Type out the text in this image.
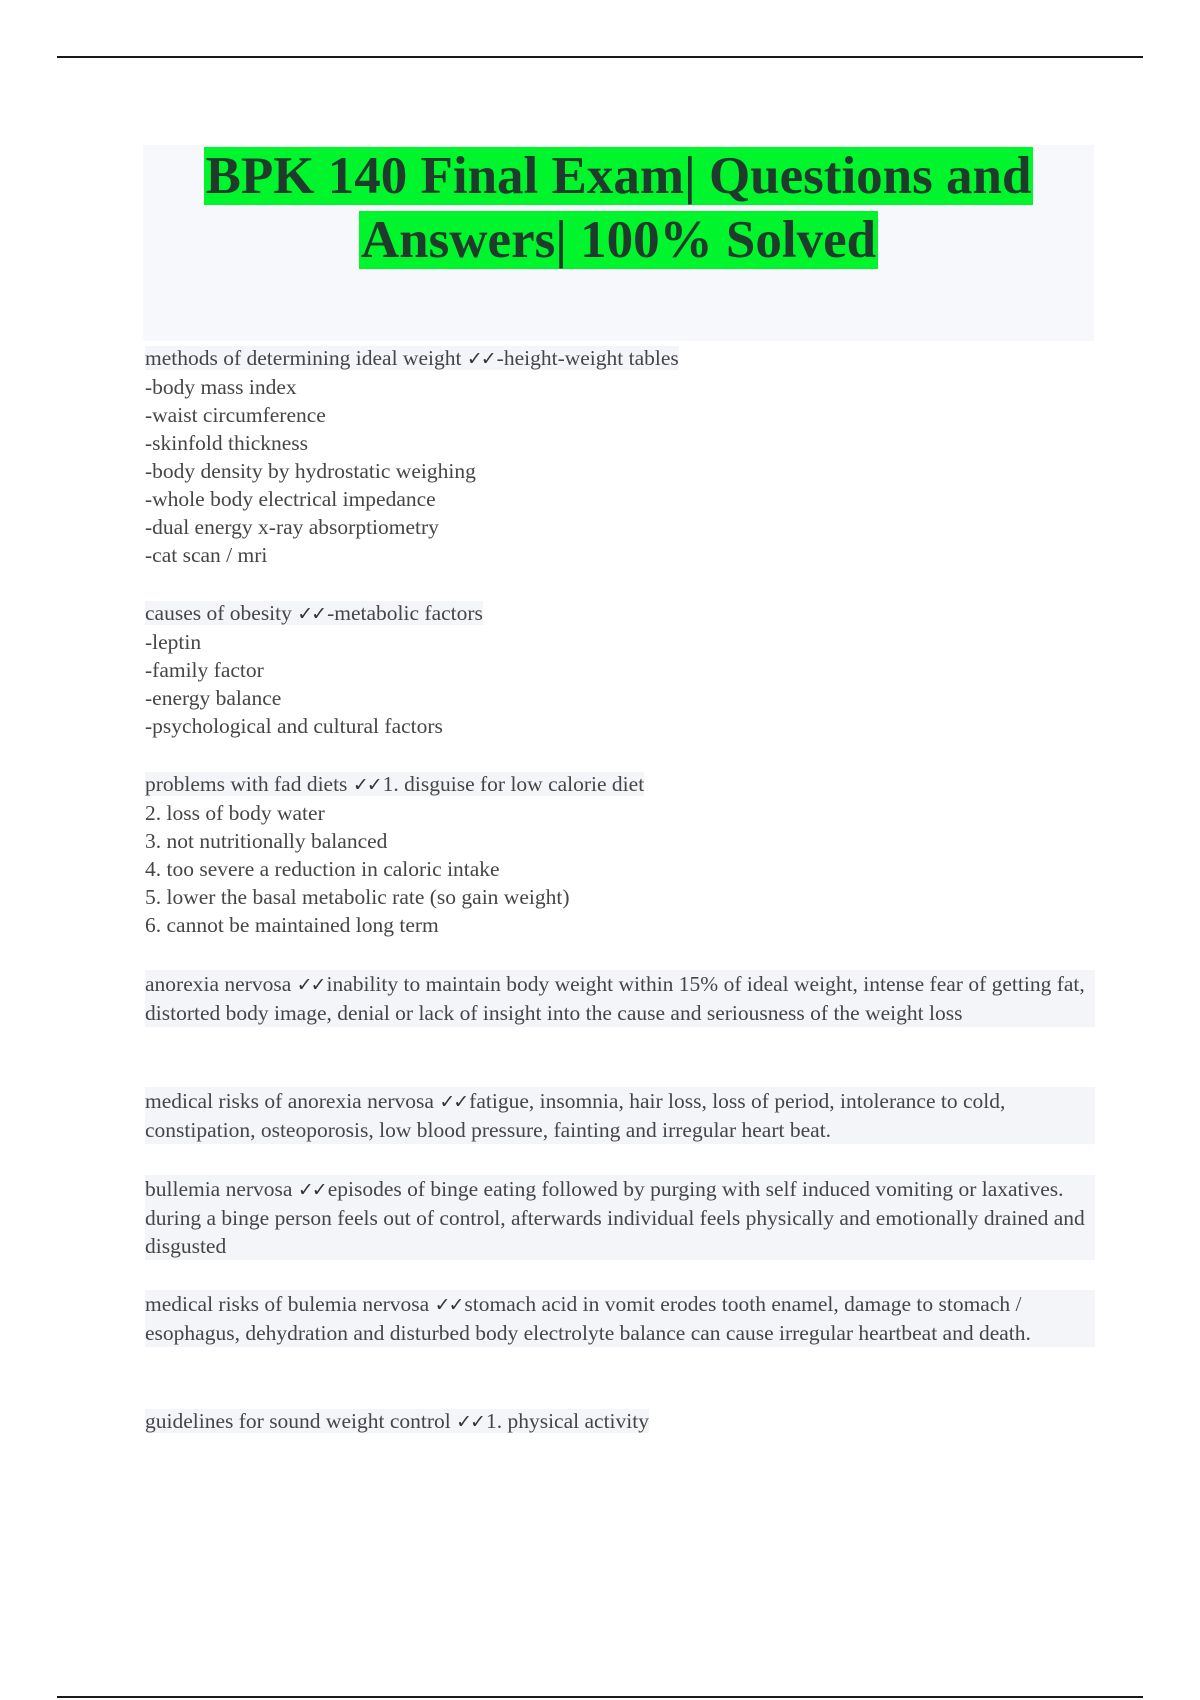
BPK 140 Final Exam| Questions and
Answers| 100% Solved
methods of determining ideal weight ✓✓-height-weight tables
-body mass index
-waist circumference
-skinfold thickness
-body density by hydrostatic weighing
-whole body electrical impedance
-dual energy x-ray absorptiometry
-cat scan / mri
causes of obesity ✓✓-metabolic factors
-leptin
-family factor
-energy balance
-psychological and cultural factors
problems with fad diets ✓✓1. disguise for low calorie diet
2. loss of body water
3. not nutritionally balanced
4. too severe a reduction in caloric intake
5. lower the basal metabolic rate (so gain weight)
6. cannot be maintained long term
anorexia nervosa ✓✓inability to maintain body weight within 15% of ideal weight, intense fear of getting fat, distorted body image, denial or lack of insight into the cause and seriousness of the weight loss
medical risks of anorexia nervosa ✓✓fatigue, insomnia, hair loss, loss of period, intolerance to cold, constipation, osteoporosis, low blood pressure, fainting and irregular heart beat.
bullemia nervosa ✓✓episodes of binge eating followed by purging with self induced vomiting or laxatives. during a binge person feels out of control, afterwards individual feels physically and emotionally drained and disgusted
medical risks of bulemia nervosa ✓✓stomach acid in vomit erodes tooth enamel, damage to stomach / esophagus, dehydration and disturbed body electrolyte balance can cause irregular heartbeat and death.
guidelines for sound weight control ✓✓1. physical activity
